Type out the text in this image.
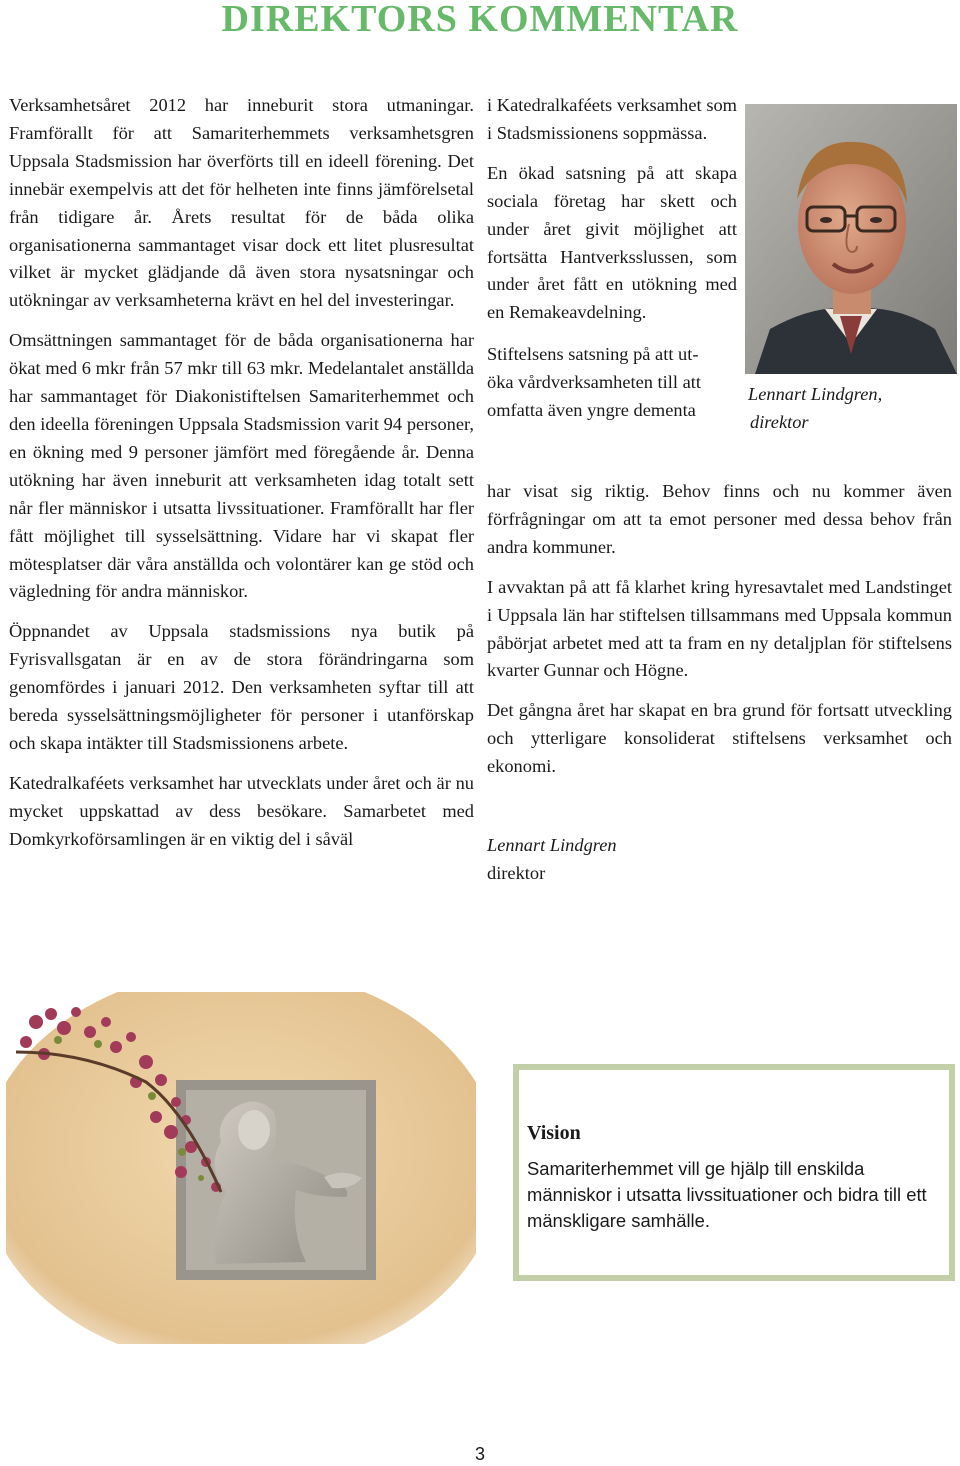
DIREKTORS KOMMENTAR

Verksamhetsåret 2012 har inneburit stora utmaningar. Framförallt för att Samariterhemmets verksamhetsgren Uppsala Stadsmission har överförts till en ideell förening. Det innebär exempelvis att det för helheten inte finns jämförelsetal från tidigare år. Årets resultat för de båda olika organisationerna sammantaget visar dock ett litet plusresultat vilket är mycket glädjande då även stora nysatsningar och utökningar av verksamheterna krävt en hel del investeringar.

Omsättningen sammantaget för de båda organisationerna har ökat med 6 mkr från 57 mkr till 63 mkr. Medelantalet anställda har sammantaget för Diakonistiftelsen Samariterhemmet och den ideella föreningen Uppsala Stadsmission varit 94 personer, en ökning med 9 personer jämfört med föregående år. Denna utökning har även inneburit att verksamheten idag totalt sett når fler människor i utsatta livssituationer. Framförallt har fler fått möjlighet till sysselsättning. Vidare har vi skapat fler mötesplatser där våra anställda och volontärer kan ge stöd och vägledning för andra människor.

Öppnandet av Uppsala stadsmissions nya butik på Fyrisvallsgatan är en av de stora förändringarna som genomfördes i januari 2012. Den verksamheten syftar till att bereda sysselsättningsmöjligheter för personer i utanförskap och skapa intäkter till Stadsmissionens arbete.

Katedralkaféets verksamhet har utvecklats under året och är nu mycket uppskattad av dess besökare. Samarbetet med Domkyrkoförsamlingen är en viktig del i såväl

i Katedralkaféets verksamhet som i Stadsmissionens soppmässa.

En ökad satsning på att skapa sociala företag har skett och under året givit möjlighet att fortsätta Hantverksslussen, som under året fått en utökning med en Remakeavdelning.

Stiftelsens satsning på att ut-
öka vårdverksamheten till att
omfatta även yngre dementa

har visat sig riktig. Behov finns och nu kommer även förfrågningar om att ta emot personer med dessa behov från andra kommuner.

I avvaktan på att få klarhet kring hyresavtalet med Landstinget i Uppsala län har stiftelsen tillsammans med Uppsala kommun påbörjat arbetet med att ta fram en ny detaljplan för stiftelsens kvarter Gunnar och Högne.

Det gångna året har skapat en bra grund för fortsatt utveckling och ytterligare konsoliderat stiftelsens verksamhet och ekonomi.

Lennart Lindgren,
direktor
Lennart Lindgren
direktor
Vision
Samariterhemmet vill ge hjälp till enskilda människor i utsatta livssituationer och bidra till ett mänskligare samhälle.
3
